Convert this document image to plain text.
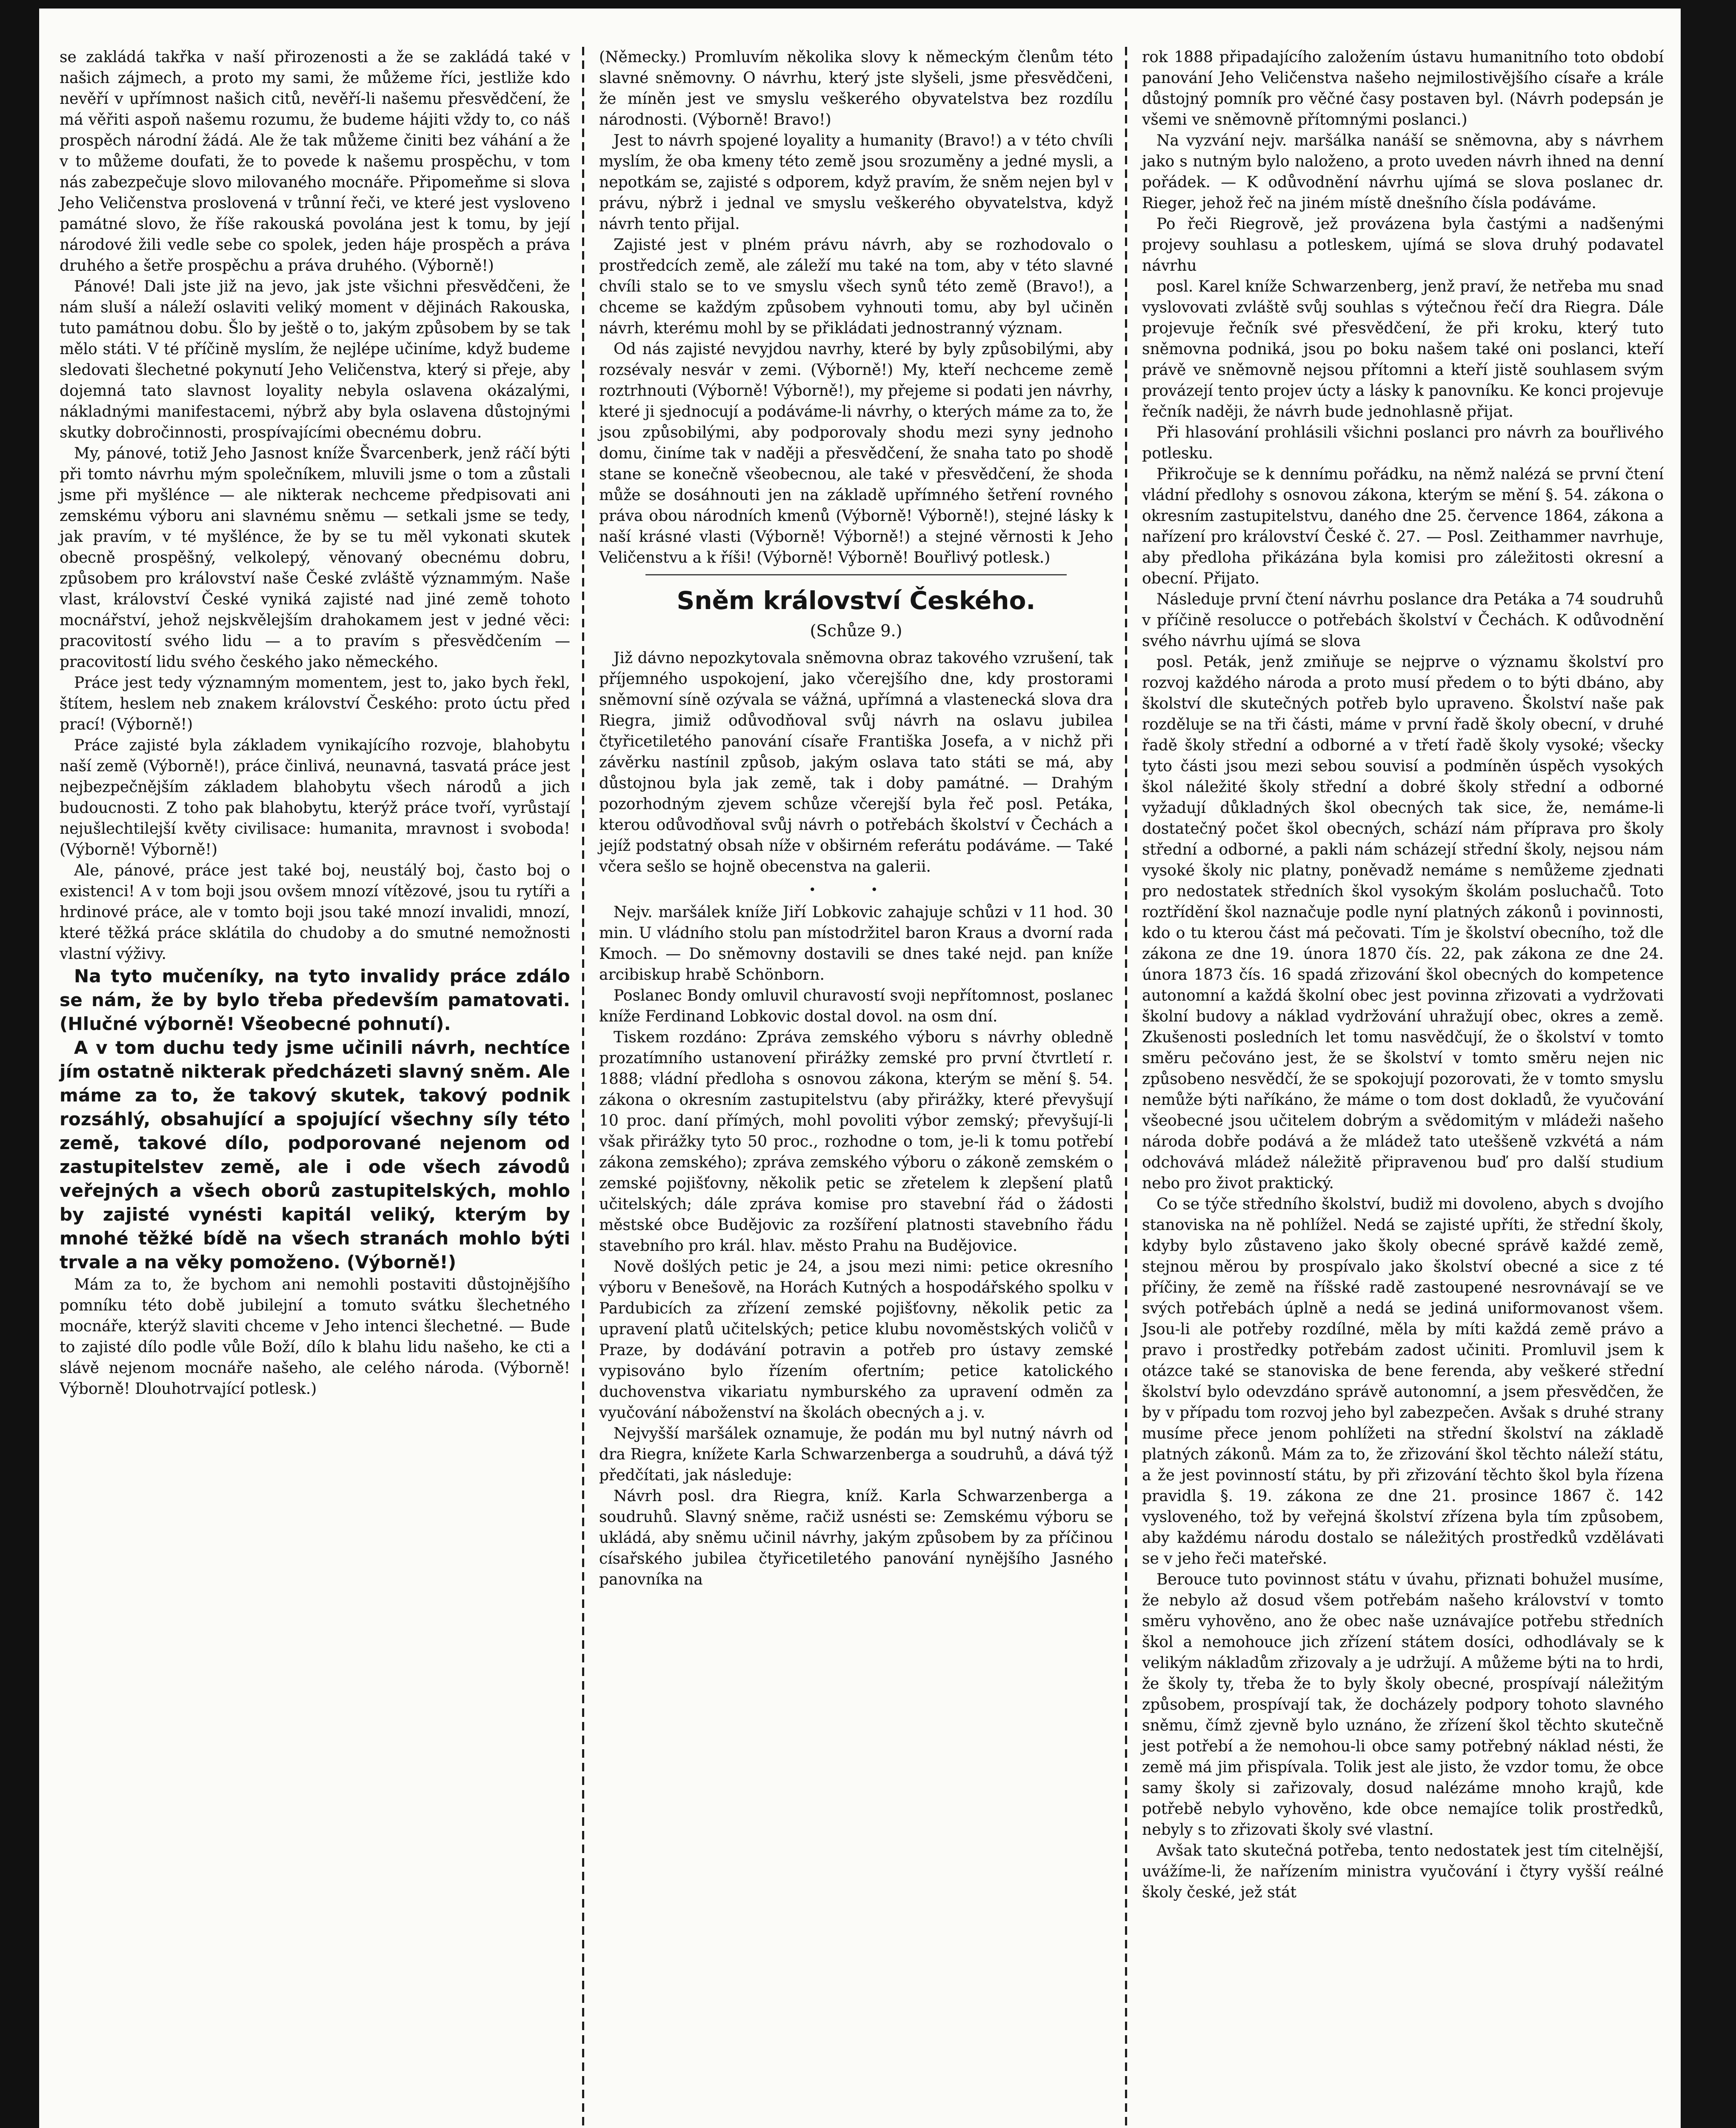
se zakládá takřka v naší přirozenosti a že se zakládá také v našich zájmech, a proto my sami, že můžeme říci, jestliže kdo nevěří v upřímnost našich citů, nevěří-li našemu přesvědčení, že má věřiti aspoň našemu rozumu, že budeme hájiti vždy to, co náš prospěch národní žádá. Ale že tak můžeme činiti bez váhání a že v to můžeme doufati, že to povede k našemu prospěchu, v tom nás zabezpečuje slovo milovaného mocnáře. Připomeňme si slova Jeho Veličenstva proslovená v trůnní řeči, ve které jest vysloveno památné slovo, že říše rakouská povolána jest k tomu, by její národové žili vedle sebe co spolek, jeden háje prospěch a práva druhého a šetře prospěchu a práva druhého. (Výborně!)

Pánové! Dali jste již na jevo, jak jste všichni přesvědčeni, že nám sluší a náleží oslaviti veliký moment v dějinách Rakouska, tuto památnou dobu. Šlo by ještě o to, jakým způsobem by se tak mělo státi. V té příčině myslím, že nejlépe učiníme, když budeme sledovati šlechetné pokynutí Jeho Veličenstva, který si přeje, aby dojemná tato slavnost loyality nebyla oslavena okázalými, nákladnými manifestacemi, nýbrž aby byla oslavena důstojnými skutky dobročinnosti, prospívajícími obecnému dobru.

My, pánové, totiž Jeho Jasnost kníže Švarcenberk, jenž ráčí býti při tomto návrhu mým společníkem, mluvili jsme o tom a zůstali jsme při myšlénce — ale nikterak nechceme předpisovati ani zemskému výboru ani slavnému sněmu — setkali jsme se tedy, jak pravím, v té myšlénce, že by se tu měl vykonati skutek obecně prospěšný, velkolepý, věnovaný obecnému dobru, způsobem pro království naše České zvláště význammým. Naše vlast, království České vyniká zajisté nad jiné země tohoto mocnářství, jehož nejskvělejším drahokamem jest v jedné věci: pracovitostí svého lidu — a to pravím s přesvědčením — pracovitostí lidu svého českého jako německého.

Práce jest tedy významným momentem, jest to, jako bych řekl, štítem, heslem neb znakem království Českého: proto úctu před prací! (Výborně!)

Práce zajisté byla základem vynikajícího rozvoje, blahobytu naší země (Výborně!), práce činlivá, neunavná, tasvatá práce jest nejbezpečnějším základem blahobytu všech národů a jich budoucnosti. Z toho pak blahobytu, kterýž práce tvoří, vyrůstají nejušlechtilejší květy civilisace: humanita, mravnost i svoboda! (Výborně! Výborně!)

Ale, pánové, práce jest také boj, neustálý boj, často boj o existenci! A v tom boji jsou ovšem mnozí vítězové, jsou tu rytíři a hrdinové práce, ale v tomto boji jsou také mnozí invalidi, mnozí, které těžká práce sklátila do chudoby a do smutné nemožnosti vlastní výživy.

Na tyto mučeníky, na tyto invalidy práce zdálo se nám, že by bylo třeba především pamatovati. (Hlučné výborně! Všeobecné pohnutí).

A v tom duchu tedy jsme učinili návrh, nechtíce jím ostatně nikterak předcházeti slavný sněm. Ale máme za to, že takový skutek, takový podnik rozsáhlý, obsahující a spojující všechny síly této země, takové dílo, podporované nejenom od zastupitelstev země, ale i ode všech závodů veřejných a všech oborů zastupitelských, mohlo by zajisté vynésti kapitál veliký, kterým by mnohé těžké bídě na všech stranách mohlo býti trvale a na věky pomoženo. (Výborně!)

Mám za to, že bychom ani nemohli postaviti důstojnějšího pomníku této době jubilejní a tomuto svátku šlechetného mocnáře, kterýž slaviti chceme v Jeho intenci šlechetné. — Bude to zajisté dílo podle vůle Boží, dílo k blahu lidu našeho, ke cti a slávě nejenom mocnáře našeho, ale celého národa. (Výborně! Výborně! Dlouhotrvající potlesk.)

(Německy.) Promluvím několika slovy k německým členům této slavné sněmovny. O návrhu, který jste slyšeli, jsme přesvědčeni, že míněn jest ve smyslu veškerého obyvatelstva bez rozdílu národnosti. (Výborně! Bravo!)

Jest to návrh spojené loyality a humanity (Bravo!) a v této chvíli myslím, že oba kmeny této země jsou srozuměny a jedné mysli, a nepotkám se, zajisté s odporem, když pravím, že sněm nejen byl v právu, nýbrž i jednal ve smyslu veškerého obyvatelstva, když návrh tento přijal.

Zajisté jest v plném právu návrh, aby se rozhodovalo o prostředcích země, ale záleží mu také na tom, aby v této slavné chvíli stalo se to ve smyslu všech synů této země (Bravo!), a chceme se každým způsobem vyhnouti tomu, aby byl učiněn návrh, kterému mohl by se přikládati jednostranný význam.

Od nás zajisté nevyjdou navrhy, které by byly způsobilými, aby rozsévaly nesvár v zemi. (Výborně!) My, kteří nechceme země roztrhnouti (Výborně! Výborně!), my přejeme si podati jen návrhy, které ji sjednocují a podáváme-li návrhy, o kterých máme za to, že jsou způsobilými, aby podporovaly shodu mezi syny jednoho domu, činíme tak v naději a přesvědčení, že snaha tato po shodě stane se konečně všeobecnou, ale také v přesvědčení, že shoda může se dosáhnouti jen na základě upřímného šetření rovného práva obou národních kmenů (Výborně! Výborně!), stejné lásky k naší krásné vlasti (Výborně! Výborně!) a stejné věrnosti k Jeho Veličenstvu a k říši! (Výborně! Výborně! Bouřlivý potlesk.)

Sněm království Českého.
(Schůze 9.)

Již dávno nepozkytovala sněmovna obraz takového vzrušení, tak příjemného uspokojení, jako včerejšího dne, kdy prostorami sněmovní síně ozývala se vážná, upřímná a vlastenecká slova dra Riegra, jimiž odůvodňoval svůj návrh na oslavu jubilea čtyřicetiletého panování císaře Františka Josefa, a v nichž při závěrku nastínil způsob, jakým oslava tato státi se má, aby důstojnou byla jak země, tak i doby památné. — Drahým pozorhodným zjevem schůze včerejší byla řeč posl. Petáka, kterou odůvodňoval svůj návrh o potřebách školství v Čechách a jejíž podstatný obsah níže v obširném referátu podáváme. — Také včera sešlo se hojně obecenstva na galerii.

• •

Nejv. maršálek kníže Jiří Lobkovic zahajuje schůzi v 11 hod. 30 min. U vládního stolu pan místodržitel baron Kraus a dvorní rada Kmoch. — Do sněmovny dostavili se dnes také nejd. pan kníže arcibiskup hrabě Schönborn.

Poslanec Bondy omluvil churavostí svoji nepřítomnost, poslanec kníže Ferdinand Lobkovic dostal dovol. na osm dní.

Tiskem rozdáno: Zpráva zemského výboru s návrhy obledně prozatímního ustanovení přirážky zemské pro první čtvrtletí r. 1888; vládní předloha s osnovou zákona, kterým se mění §. 54. zákona o okresním zastupitelstvu (aby přirážky, které převyšují 10 proc. daní přímých, mohl povoliti výbor zemský; převyšují-li však přirážky tyto 50 proc., rozhodne o tom, je-li k tomu potřebí zákona zemského); zpráva zemského výboru o zákoně zemském o zemské pojišťovny, několik petic se zřetelem k zlepšení platů učitelských; dále zpráva komise pro stavební řád o žádosti městské obce Budějovic za rozšíření platnosti stavebního řádu stavebního pro král. hlav. město Prahu na Budějovice.

Nově došlých petic je 24, a jsou mezi nimi: petice okresního výboru v Benešově, na Horách Kutných a hospodářského spolku v Pardubicích za zřízení zemské pojišťovny, několik petic za upravení platů učitelských; petice klubu novoměstských voličů v Praze, by dodávání potravin a potřeb pro ústavy zemské vypisováno bylo řízením ofertním; petice katolického duchovenstva vikariatu nymburského za upravení odměn za vyučování náboženství na školách obecných a j. v.

Nejvyšší maršálek oznamuje, že podán mu byl nutný návrh od dra Riegra, knížete Karla Schwarzenberga a soudruhů, a dává týž předčítati, jak následuje:

Návrh posl. dra Riegra, kníž. Karla Schwarzenberga a soudruhů. Slavný sněme, račiž usnésti se: Zemskému výboru se ukládá, aby sněmu učinil návrhy, jakým způsobem by za příčinou císařského jubilea čtyřicetiletého panování nynějšího Jasného panovníka na

rok 1888 připadajícího založením ústavu humanitního toto období panování Jeho Veličenstva našeho nejmilostivějšího císaře a krále důstojný pomník pro věčné časy postaven byl. (Návrh podepsán je všemi ve sněmovně přítomnými poslanci.)

Na vyzvání nejv. maršálka nanáší se sněmovna, aby s návrhem jako s nutným bylo naloženo, a proto uveden návrh ihned na denní pořádek. — K odůvodnění návrhu ujímá se slova poslanec dr. Rieger, jehož řeč na jiném místě dnešního čísla podáváme.

Po řeči Riegrově, jež provázena byla častými a nadšenými projevy souhlasu a potleskem, ujímá se slova druhý podavatel návrhu

posl. Karel kníže Schwarzenberg, jenž praví, že netřeba mu snad vyslovovati zvláště svůj souhlas s výtečnou řečí dra Riegra. Dále projevuje řečník své přesvědčení, že při kroku, který tuto sněmovna podniká, jsou po boku našem také oni poslanci, kteří právě ve sněmovně nejsou přítomni a kteří jistě souhlasem svým provázejí tento projev úcty a lásky k panovníku. Ke konci projevuje řečník naději, že návrh bude jednohlasně přijat.

Při hlasování prohlásili všichni poslanci pro návrh za bouřlivého potlesku.

Přikročuje se k dennímu pořádku, na němž nalézá se první čtení vládní předlohy s osnovou zákona, kterým se mění §. 54. zákona o okresním zastupitelstvu, daného dne 25. července 1864, zákona a nařízení pro království České č. 27. — Posl. Zeithammer navrhuje, aby předloha přikázána byla komisi pro záležitosti okresní a obecní. Přijato.

Následuje první čtení návrhu poslance dra Petáka a 74 soudruhů v příčině resolucce o potřebách školství v Čechách. K odůvodnění svého návrhu ujímá se slova

posl. Peták, jenž zmiňuje se nejprve o významu školství pro rozvoj každého národa a proto musí předem o to býti dbáno, aby školství dle skutečných potřeb bylo upraveno. Školství naše pak rozděluje se na tři části, máme v první řadě školy obecní, v druhé řadě školy střední a odborné a v třetí řadě školy vysoké; všecky tyto části jsou mezi sebou souvisí a podmíněn úspěch vysokých škol náležité školy střední a dobré školy střední a odborné vyžadují důkladných škol obecných tak sice, že, nemáme-li dostatečný počet škol obecných, schází nám příprava pro školy střední a odborné, a pakli nám scházejí střední školy, nejsou nám vysoké školy nic platny, poněvadž nemáme s nemůžeme zjednati pro nedostatek středních škol vysokým školám posluchačů. Toto roztřídění škol naznačuje podle nyní platných zákonů i povinnosti, kdo o tu kterou část má pečovati. Tím je školství obecního, tož dle zákona ze dne 19. února 1870 čís. 22, pak zákona ze dne 24. února 1873 čís. 16 spadá zřizování škol obecných do kompetence autonomní a každá školní obec jest povinna zřizovati a vydržovati školní budovy a náklad vydržování uhražují obec, okres a země. Zkušenosti posledních let tomu nasvědčují, že o školství v tomto směru pečováno jest, že se školství v tomto směru nejen nic způsobeno nesvědčí, že se spokojují pozorovati, že v tomto smyslu nemůže býti naříkáno, že máme o tom dost dokladů, že vyučování všeobecné jsou učitelem dobrým a svědomitým v mládeži našeho národa dobře podává a že mládež tato uteššeně vzkvétá a nám odchovává mládež náležitě připravenou buď pro další studium nebo pro život praktický.

Co se týče středního školství, budiž mi dovoleno, abych s dvojího stanoviska na ně pohlížel. Nedá se zajisté upříti, že střední školy, kdyby bylo zůstaveno jako školy obecné správě každé země, stejnou měrou by prospívalo jako školství obecné a sice z té příčiny, že země na říšské radě zastoupené nesrovnávají se ve svých potřebách úplně a nedá se jediná uniformovanost všem. Jsou-li ale potřeby rozdílné, měla by míti každá země právo a pravo i prostředky potřebám zadost učiniti. Promluvil jsem k otázce také se stanoviska de bene ferenda, aby veškeré střední školství bylo odevzdáno správě autonomní, a jsem přesvědčen, že by v případu tom rozvoj jeho byl zabezpečen. Avšak s druhé strany musíme přece jenom pohlížeti na střední školství na základě platných zákonů. Mám za to, že zřizování škol těchto náleží státu, a že jest povinností státu, by při zřizování těchto škol byla řízena pravidla §. 19. zákona ze dne 21. prosince 1867 č. 142 vysloveného, tož by veřejná školství zřízena byla tím způsobem, aby každému národu dostalo se náležitých prostředků vzdělávati se v jeho řeči mateřské.

Beroucе tuto povinnost státu v úvahu, přiznati bohužel musíme, že nebylo až dosud všem potřebám našeho království v tomto směru vyhověno, ano že obec naše uznávajíce potřebu středních škol a nemohouce jich zřízení státem dosíci, odhodlávaly se k velikým nákladům zřizovaly a je udržují. A můžeme býti na to hrdi, že školy ty, třeba že to byly školy obecné, prospívají náležitým způsobem, prospívají tak, že docházely podpory tohoto slavného sněmu, čímž zjevně bylo uznáno, že zřízení škol těchto skutečně jest potřebí a že nemohou-li obce samy potřebný náklad nésti, že země má jim přispívala. Tolik jest ale jisto, že vzdor tomu, že obce samy školy si zařizovaly, dosud nalézáme mnoho krajů, kde potřebě nebylo vyhověno, kde obce nemajíce tolik prostředků, nebyly s to zřizovati školy své vlastní.

Avšak tato skutečná potřeba, tento nedostatek jest tím citelnější, uvážíme-li, že nařízením ministra vyučování i čtyry vyšší reálné školy české, jež stát
